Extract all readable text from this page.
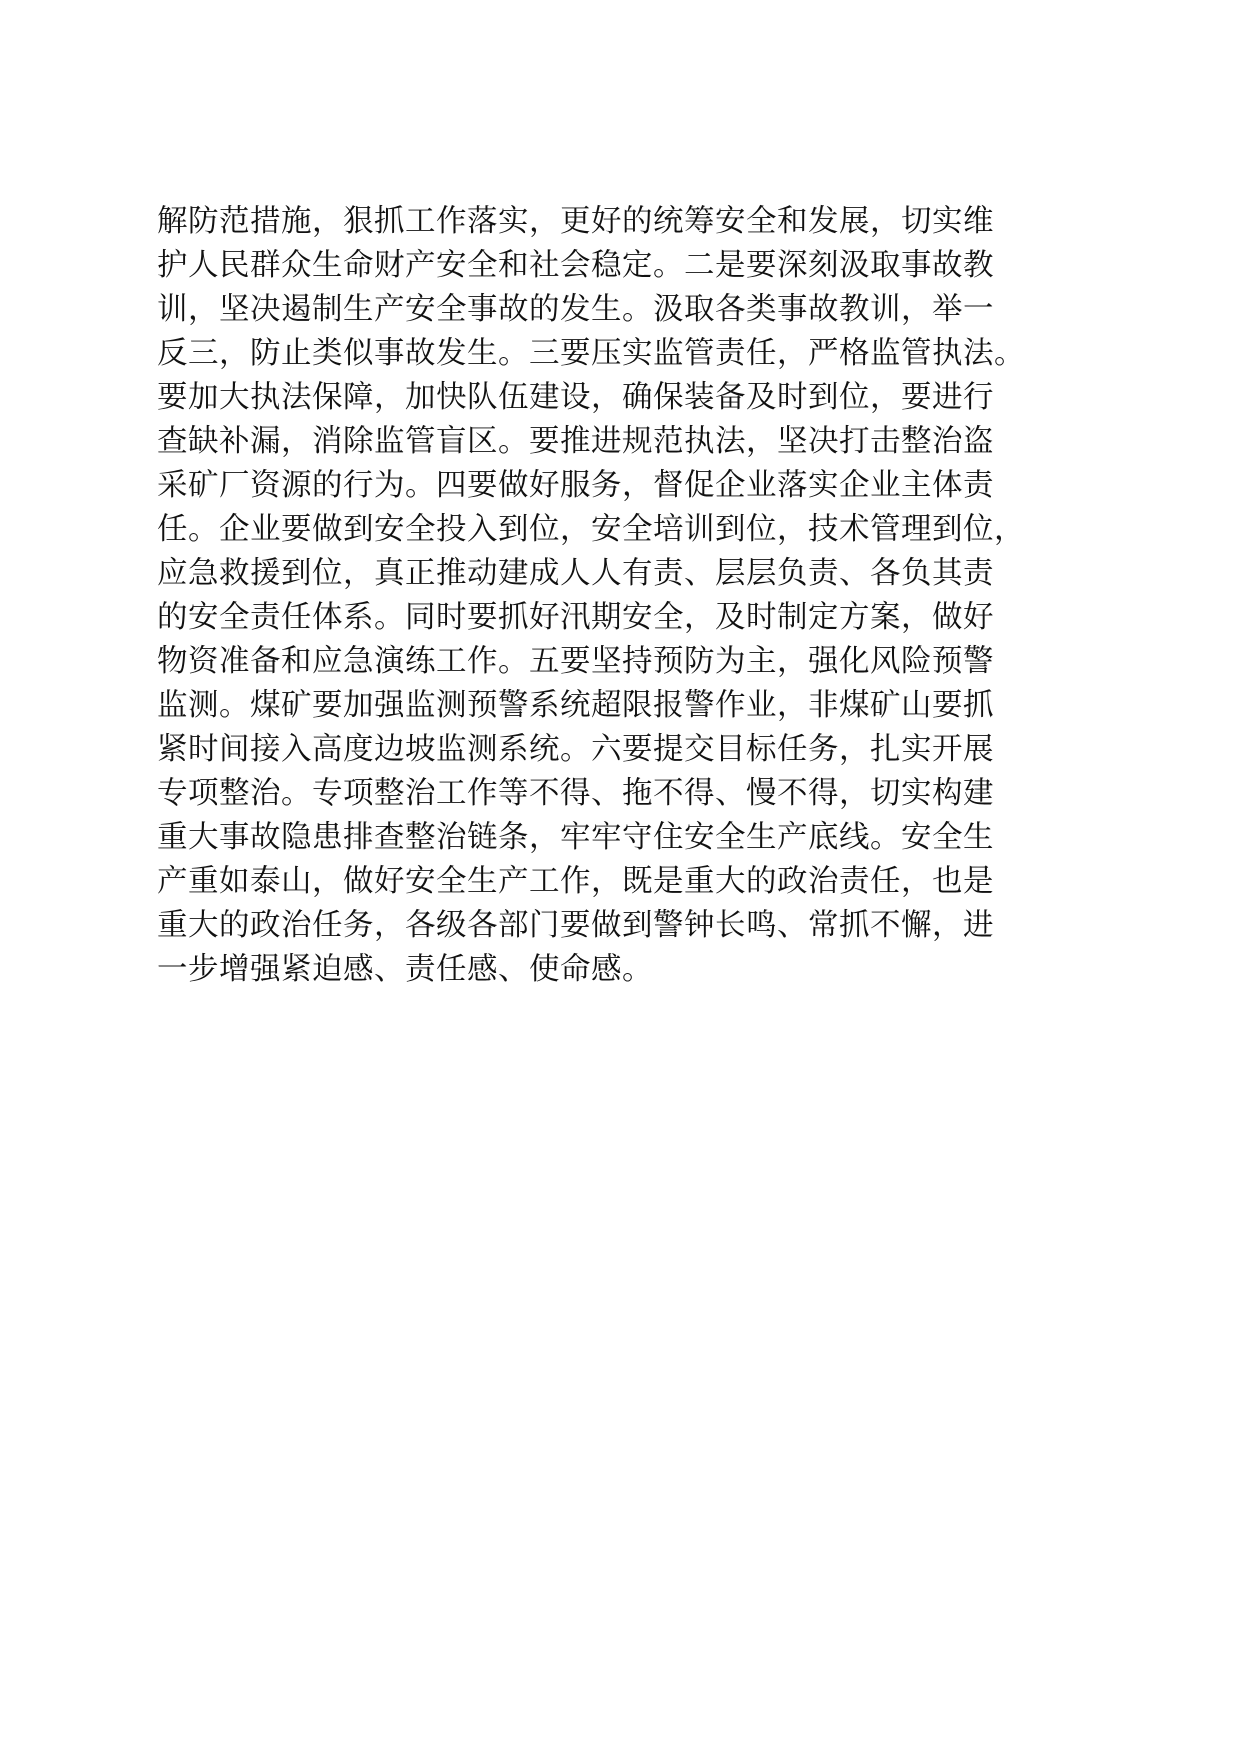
解防范措施，狠抓工作落实，更好的统筹安全和发展，切实维
护人民群众生命财产安全和社会稳定。二是要深刻汲取事故教
训，坚决遏制生产安全事故的发生。汲取各类事故教训，举一
反三，防止类似事故发生。三要压实监管责任，严格监管执法。
要加大执法保障，加快队伍建设，确保装备及时到位，要进行
查缺补漏，消除监管盲区。要推进规范执法，坚决打击整治盗
采矿厂资源的行为。四要做好服务，督促企业落实企业主体责
任。企业要做到安全投入到位，安全培训到位，技术管理到位，
应急救援到位，真正推动建成人人有责、层层负责、各负其责
的安全责任体系。同时要抓好汛期安全，及时制定方案，做好
物资准备和应急演练工作。五要坚持预防为主，强化风险预警
监测。煤矿要加强监测预警系统超限报警作业，非煤矿山要抓
紧时间接入高度边坡监测系统。六要提交目标任务，扎实开展
专项整治。专项整治工作等不得、拖不得、慢不得，切实构建
重大事故隐患排查整治链条，牢牢守住安全生产底线。安全生
产重如泰山，做好安全生产工作，既是重大的政治责任，也是
重大的政治任务，各级各部门要做到警钟长鸣、常抓不懈，进
一步增强紧迫感、责任感、使命感。
